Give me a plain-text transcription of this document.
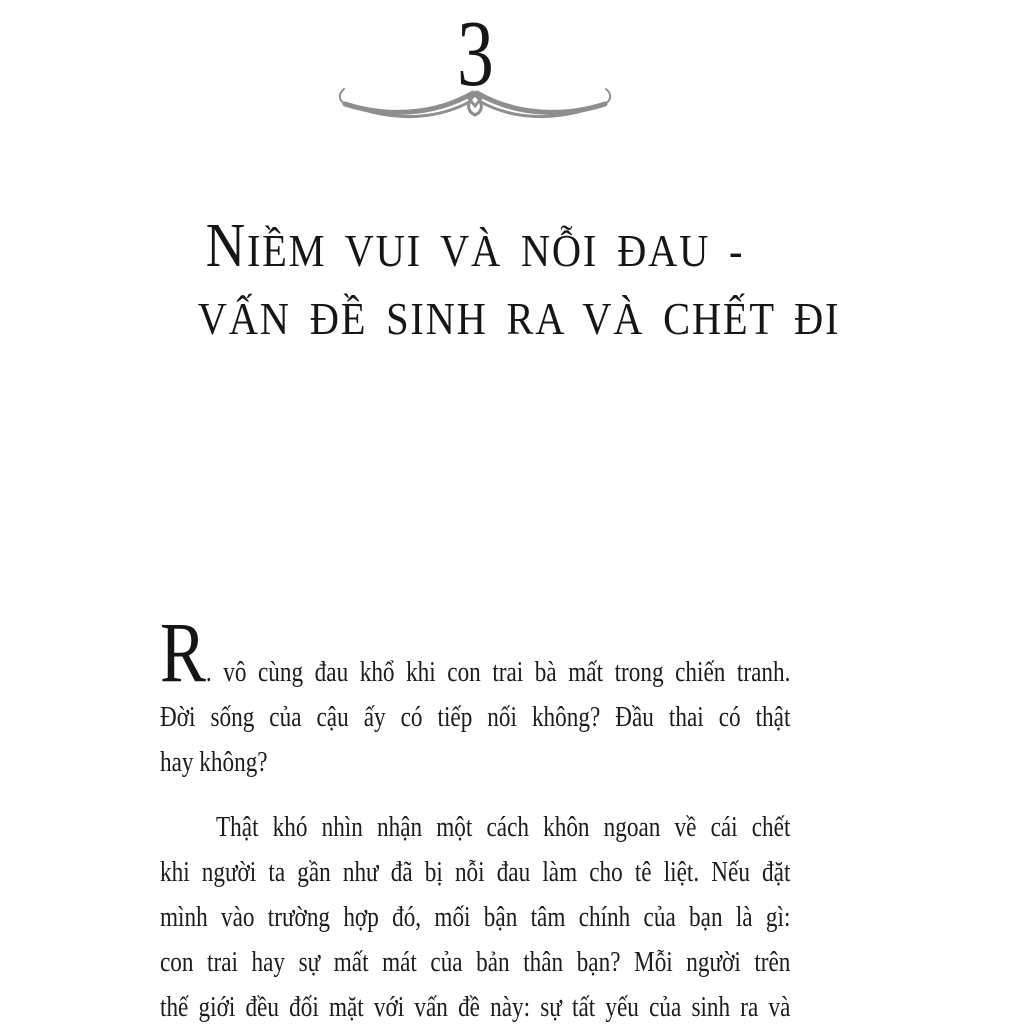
3
NIỀM VUI VÀ NỖI ĐAU -
VẤN ĐỀ SINH RA VÀ CHẾT ĐI
R. vô cùng đau khổ khi con trai bà mất trong chiến tranh.
Đời sống của cậu ấy có tiếp nối không? Đầu thai có thật
hay không?
Thật khó nhìn nhận một cách khôn ngoan về cái chết
khi người ta gần như đã bị nỗi đau làm cho tê liệt. Nếu đặt
mình vào trường hợp đó, mối bận tâm chính của bạn là gì:
con trai hay sự mất mát của bản thân bạn? Mỗi người trên
thế giới đều đối mặt với vấn đề này: sự tất yếu của sinh ra và
